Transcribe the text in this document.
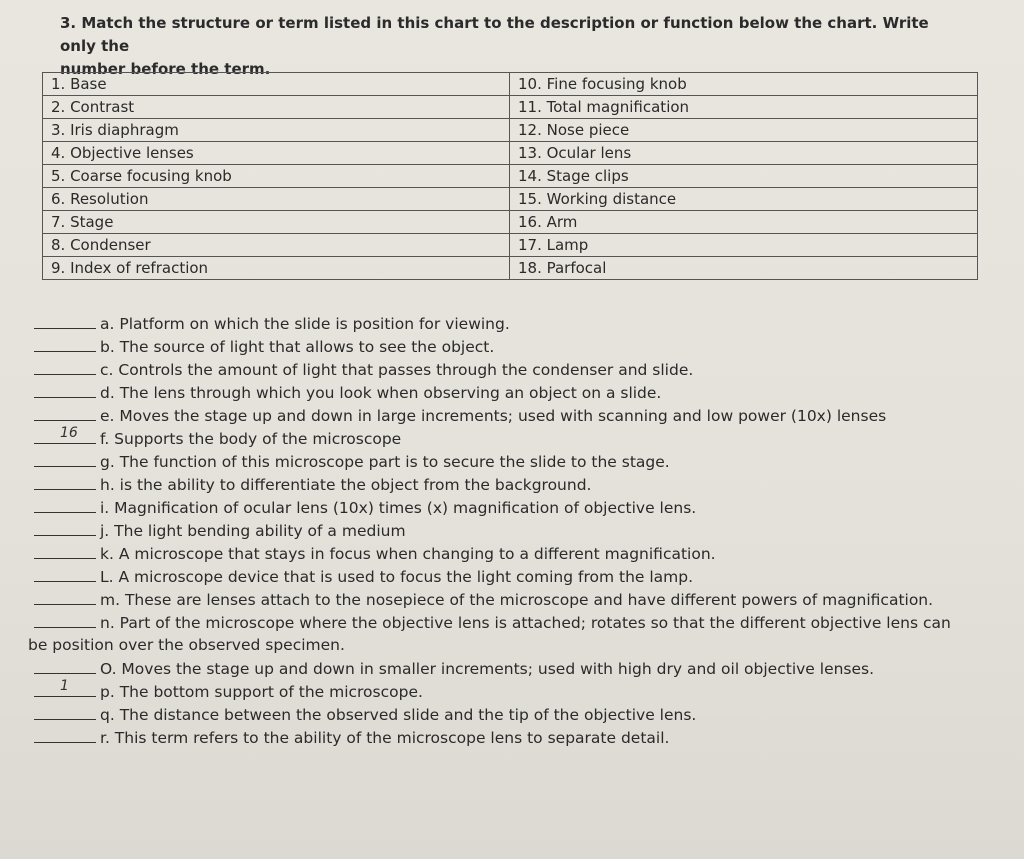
3. Match the structure or term listed in this chart to the description or function below the chart. Write only the
number before the term.
1. Base	10. Fine focusing knob
2. Contrast	11. Total magnification
3. Iris diaphragm	12. Nose piece
4. Objective lenses	13. Ocular lens
5. Coarse focusing knob	14. Stage clips
6. Resolution	15. Working distance
7. Stage	16. Arm
8. Condenser	17. Lamp
9. Index of refraction	18. Parfocal
a. Platform on which the slide is position for viewing.
b. The source of light that allows to see the object.
c. Controls the amount of light that passes through the condenser and slide.
d. The lens through which you look when observing an object on a slide.
e. Moves the stage up and down in large increments; used with scanning and low power (10x) lenses
16 f. Supports the body of the microscope
g. The function of this microscope part is to secure the slide to the stage.
h. is the ability to differentiate the object from the background.
i. Magnification of ocular lens (10x) times (x) magnification of objective lens.
j. The light bending ability of a medium
k. A microscope that stays in focus when changing to a different magnification.
L. A microscope device that is used to focus the light coming from the lamp.
m. These are lenses attach to the nosepiece of the microscope and have different powers of magnification.
n. Part of the microscope where the objective lens is attached; rotates so that the different objective lens can
be position over the observed specimen.
O. Moves the stage up and down in smaller increments; used with high dry and oil objective lenses.
1 p. The bottom support of the microscope.
q. The distance between the observed slide and the tip of the objective lens.
r. This term refers to the ability of the microscope lens to separate detail.
